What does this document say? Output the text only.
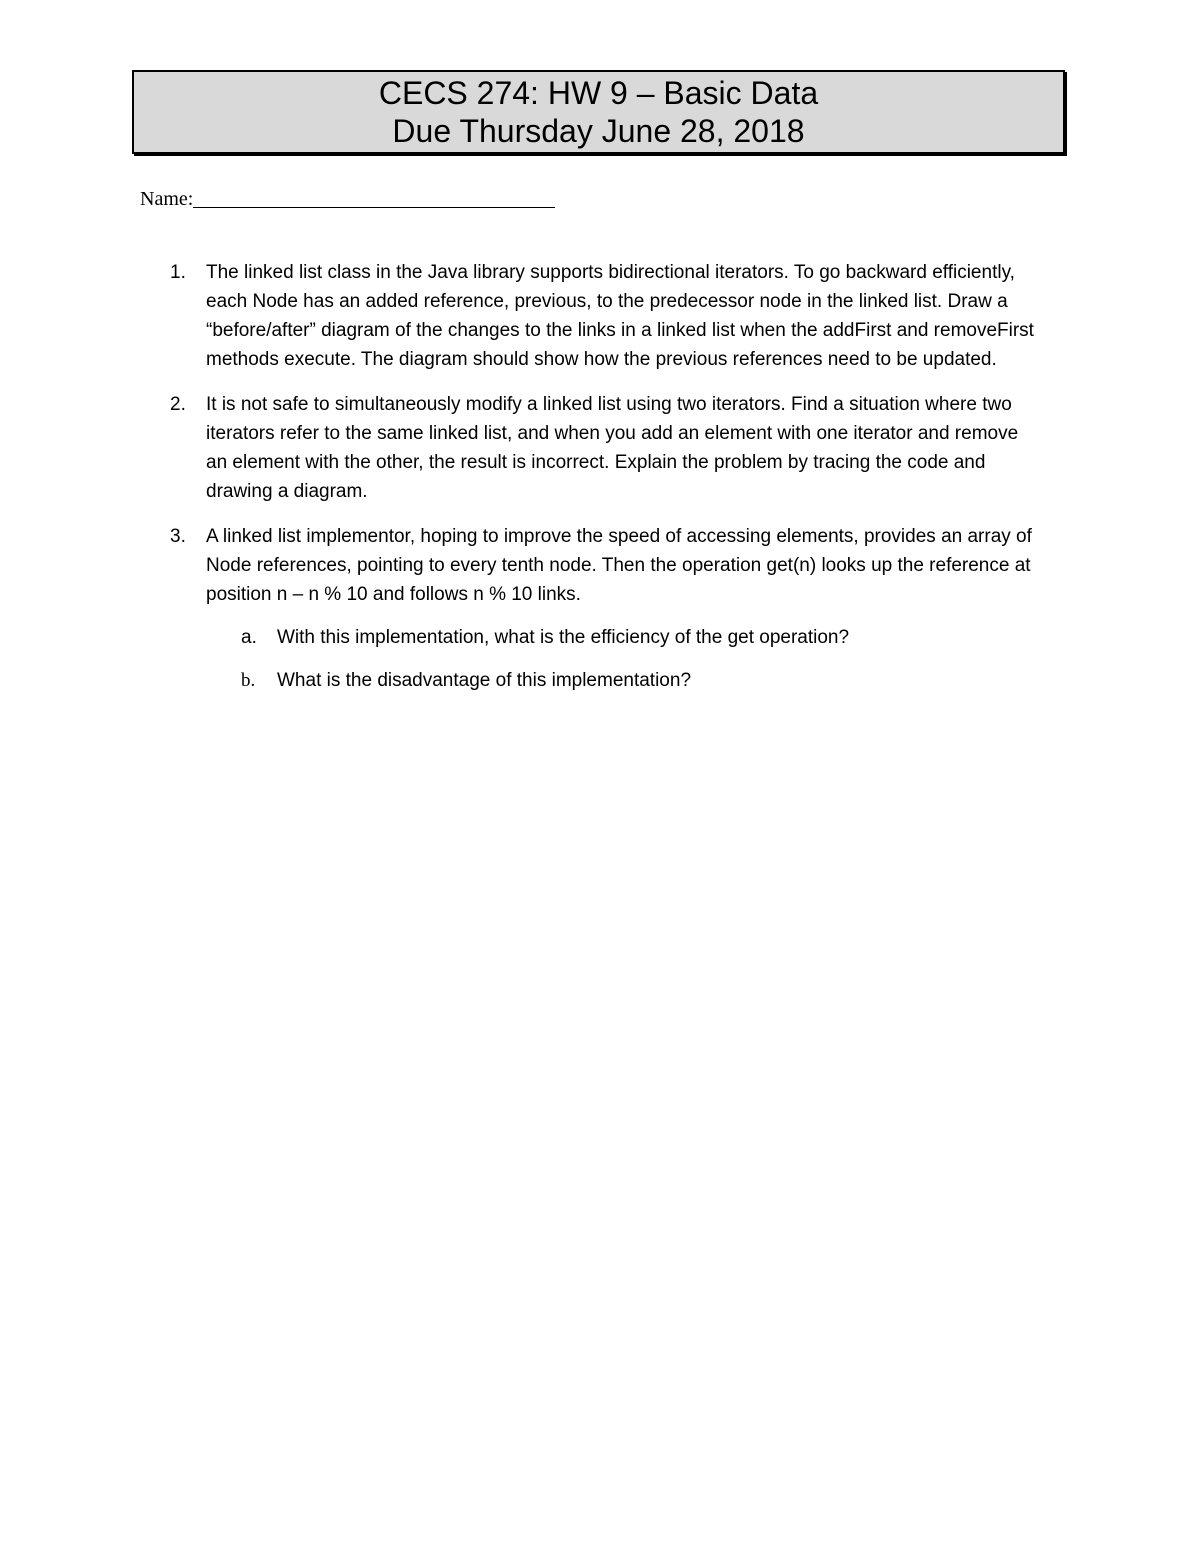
CECS 274: HW 9 – Basic Data
Due Thursday June 28, 2018
Name:
1. The linked list class in the Java library supports bidirectional iterators. To go backward efficiently, each Node has an added reference, previous, to the predecessor node in the linked list. Draw a “before/after” diagram of the changes to the links in a linked list when the addFirst and removeFirst methods execute. The diagram should show how the previous references need to be updated.
2. It is not safe to simultaneously modify a linked list using two iterators. Find a situation where two iterators refer to the same linked list, and when you add an element with one iterator and remove an element with the other, the result is incorrect. Explain the problem by tracing the code and drawing a diagram.
3. A linked list implementor, hoping to improve the speed of accessing elements, provides an array of Node references, pointing to every tenth node. Then the operation get(n) looks up the reference at position n – n % 10 and follows n % 10 links.
a. With this implementation, what is the efficiency of the get operation?
b. What is the disadvantage of this implementation?
